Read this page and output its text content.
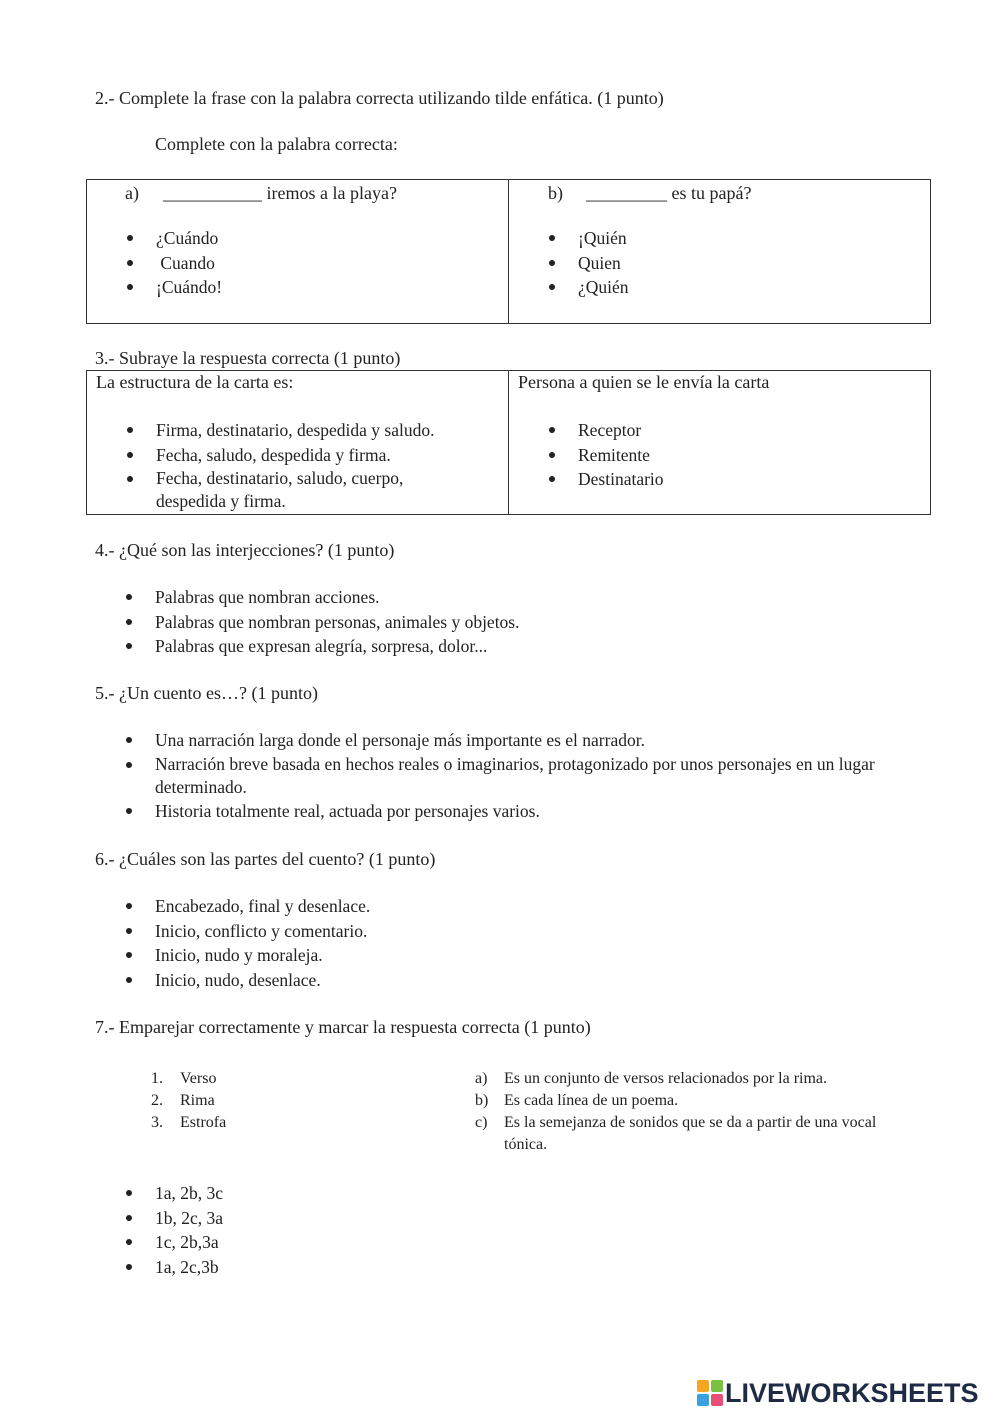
2.- Complete la frase con la palabra correcta utilizando tilde enfática. (1 punto)
Complete con la palabra correcta:
a) ___________ iremos a la playa?
¿Cuándo
Cuando
¡Cuándo!
b) _________ es tu papá?
¡Quién
Quien
¿Quién
3.- Subraye la respuesta correcta (1 punto)
La estructura de la carta es:
Firma, destinatario, despedida y saludo.
Fecha, saludo, despedida y firma.
Fecha, destinatario, saludo, cuerpo, despedida y firma.
Persona a quien se le envía la carta
Receptor
Remitente
Destinatario
4.- ¿Qué son las interjecciones? (1 punto)
Palabras que nombran acciones.
Palabras que nombran personas, animales y objetos.
Palabras que expresan alegría, sorpresa, dolor...
5.- ¿Un cuento es…? (1 punto)
Una narración larga donde el personaje más importante es el narrador.
Narración breve basada en hechos reales o imaginarios, protagonizado por unos personajes en un lugar determinado.
Historia totalmente real, actuada por personajes varios.
6.- ¿Cuáles son las partes del cuento? (1 punto)
Encabezado, final y desenlace.
Inicio, conflicto y comentario.
Inicio, nudo y moraleja.
Inicio, nudo, desenlace.
7.- Emparejar correctamente y marcar la respuesta correcta (1 punto)
1.	Verso
2.	Rima
3.	Estrofa
a)	Es un conjunto de versos relacionados por la rima.
b) Es cada línea de un poema.
c)	Es la semejanza de sonidos que se da a partir de una vocal tónica.
1a, 2b, 3c
1b, 2c, 3a
1c, 2b,3a
1a, 2c,3b
LIVEWORKSHEETS
